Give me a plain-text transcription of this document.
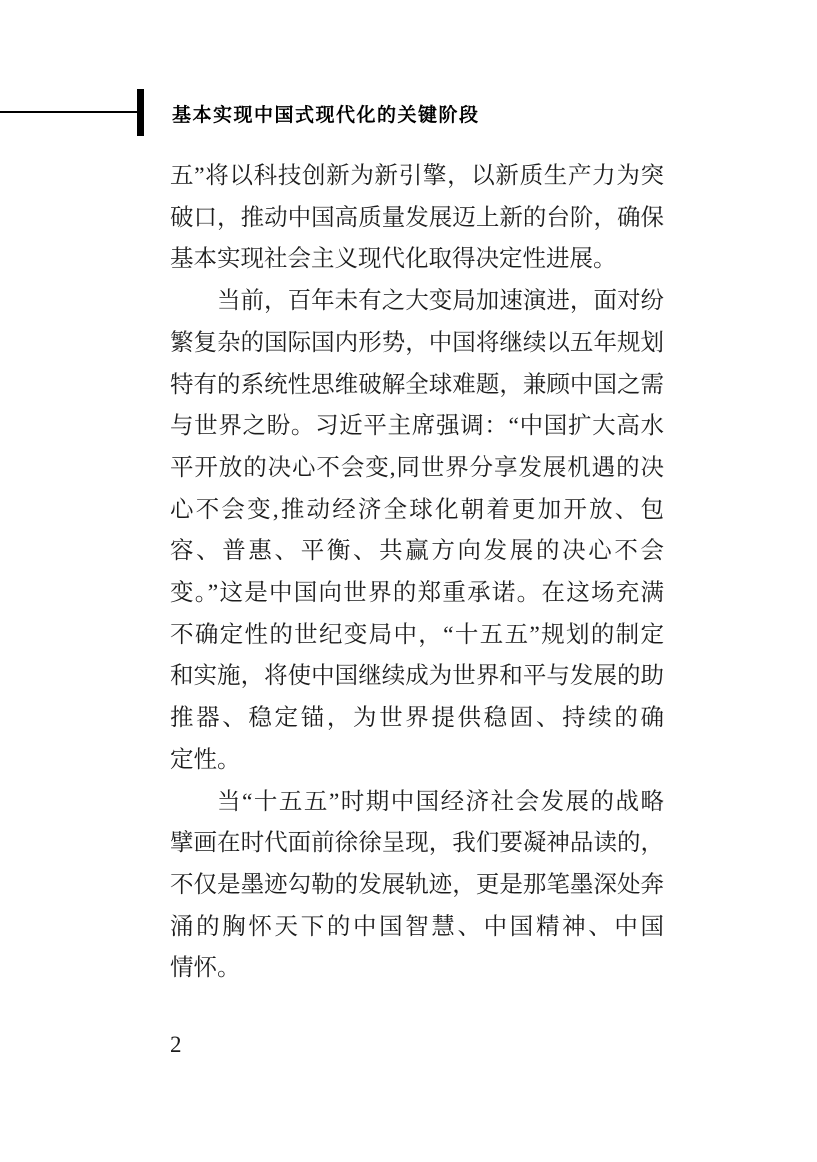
基本实现中国式现代化的关键阶段
五”将以科技创新为新引擎，以新质生产力为突
破口，推动中国高质量发展迈上新的台阶，确保
基本实现社会主义现代化取得决定性进展。
当前，百年未有之大变局加速演进，面对纷
繁复杂的国际国内形势，中国将继续以五年规划
特有的系统性思维破解全球难题，兼顾中国之需
与世界之盼。习近平主席强调：“中国扩大高水
平开放的决心不会变,同世界分享发展机遇的决
心不会变,推动经济全球化朝着更加开放、包
容、普惠、平衡、共赢方向发展的决心不会
变。”这是中国向世界的郑重承诺。在这场充满
不确定性的世纪变局中，“十五五”规划的制定
和实施，将使中国继续成为世界和平与发展的助
推器、稳定锚，为世界提供稳固、持续的确
定性。
当“十五五”时期中国经济社会发展的战略
擘画在时代面前徐徐呈现，我们要凝神品读的，
不仅是墨迹勾勒的发展轨迹，更是那笔墨深处奔
涌的胸怀天下的中国智慧、中国精神、中国
情怀。
2
